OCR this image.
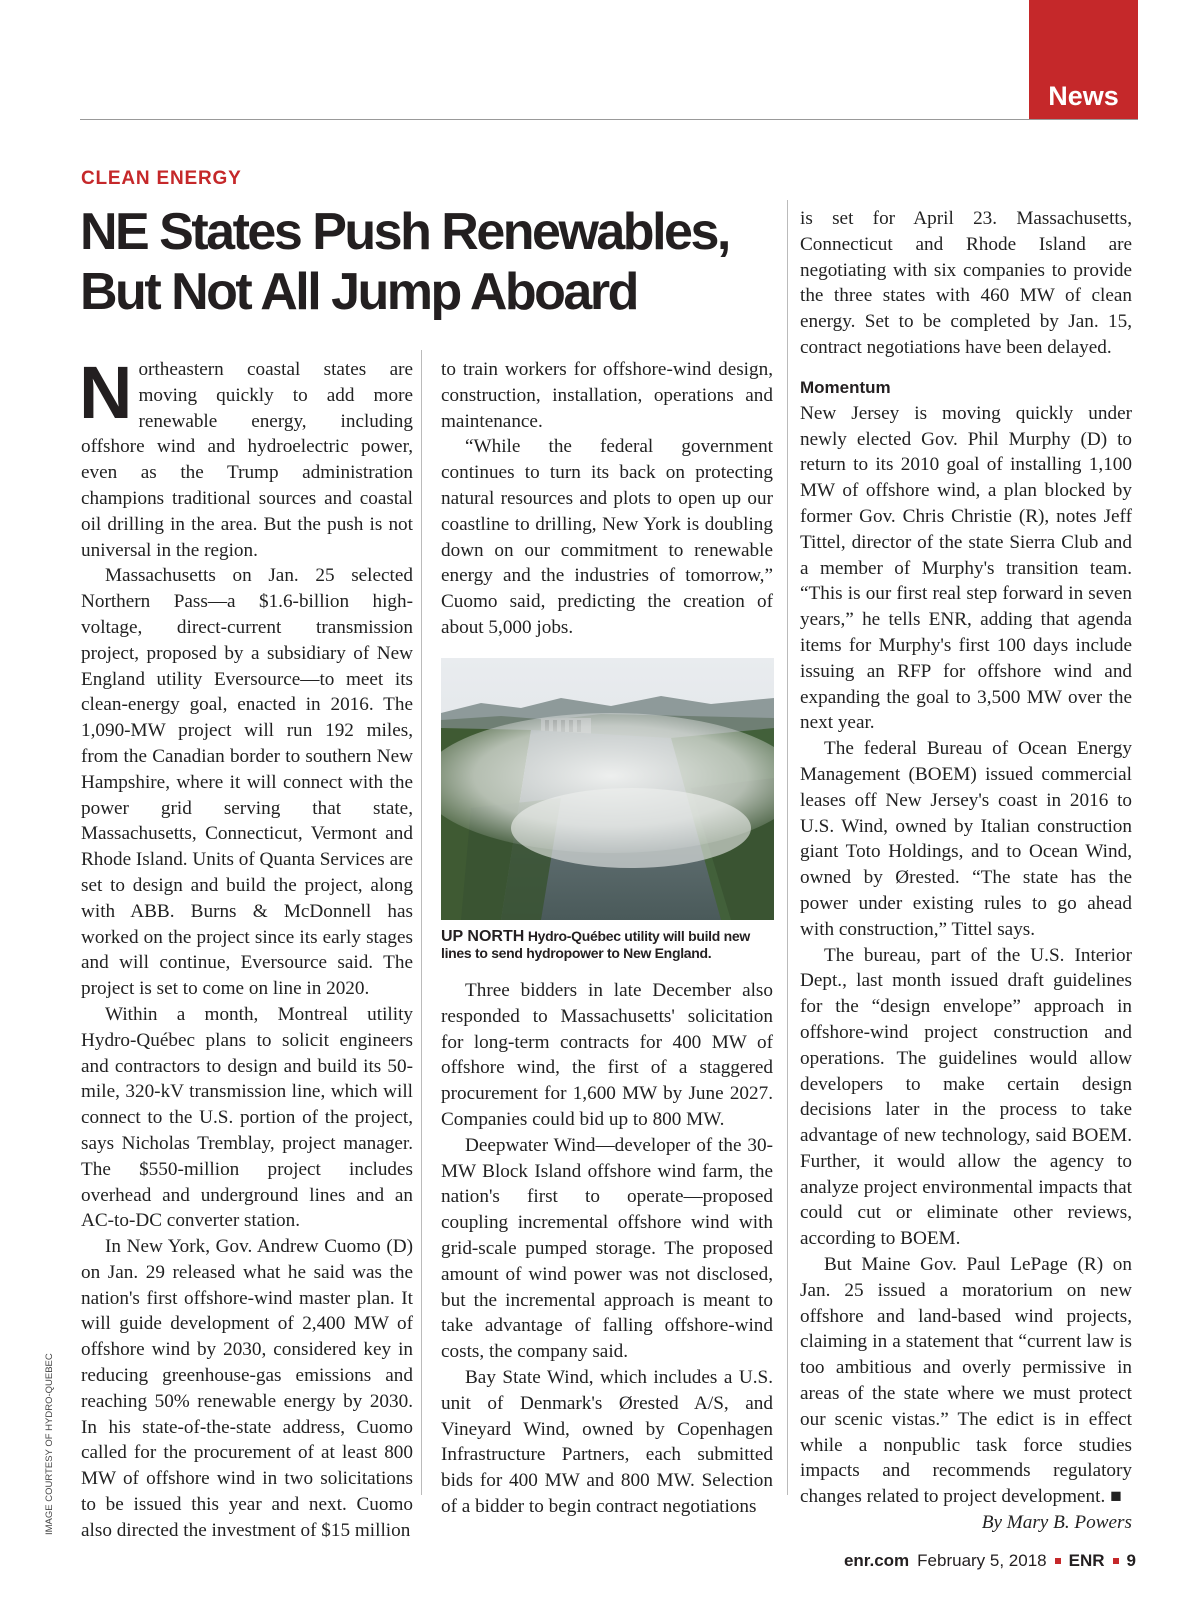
News
CLEAN ENERGY
NE States Push Renewables,
But Not All Jump Aboard

Northeastern coastal states are moving quickly to add more renewable energy, including offshore wind and hydroelectric power, even as the Trump administration champions traditional sources and coastal oil drilling in the area. But the push is not universal in the region.

Massachusetts on Jan. 25 selected Northern Pass—a $1.6-billion high-voltage, direct-current transmission project, proposed by a subsidiary of New England utility Eversource—to meet its clean-energy goal, enacted in 2016. The 1,090-MW project will run 192 miles, from the Canadian border to southern New Hampshire, where it will connect with the power grid serving that state, Massachusetts, Connecticut, Vermont and Rhode Island. Units of Quanta Services are set to design and build the project, along with ABB. Burns & McDonnell has worked on the project since its early stages and will continue, Eversource said. The project is set to come on line in 2020.

Within a month, Montreal utility Hydro-Québec plans to solicit engineers and contractors to design and build its 50-mile, 320-kV transmission line, which will connect to the U.S. portion of the project, says Nicholas Tremblay, project manager. The $550-million project includes overhead and underground lines and an AC-to-DC converter station.

In New York, Gov. Andrew Cuomo (D) on Jan. 29 released what he said was the nation's first offshore-wind master plan. It will guide development of 2,400 MW of offshore wind by 2030, considered key in reducing greenhouse-gas emissions and reaching 50% renewable energy by 2030. In his state-of-the-state address, Cuomo called for the procurement of at least 800 MW of offshore wind in two solicitations to be issued this year and next. Cuomo also directed the investment of $15 million

to train workers for offshore-wind design, construction, installation, operations and maintenance.

“While the federal government continues to turn its back on protecting natural resources and plots to open up our coastline to drilling, New York is doubling down on our commitment to renewable energy and the industries of tomorrow,” Cuomo said, predicting the creation of about 5,000 jobs.

UP NORTH Hydro-Québec utility will build new lines to send hydropower to New England.

Three bidders in late December also responded to Massachusetts' solicitation for long-term contracts for 400 MW of offshore wind, the first of a staggered procurement for 1,600 MW by June 2027. Companies could bid up to 800 MW.

Deepwater Wind—developer of the 30-MW Block Island offshore wind farm, the nation's first to operate—proposed coupling incremental offshore wind with grid-scale pumped storage. The proposed amount of wind power was not disclosed, but the incremental approach is meant to take advantage of falling offshore-wind costs, the company said.

Bay State Wind, which includes a U.S. unit of Denmark's Ørested A/S, and Vineyard Wind, owned by Copenhagen Infrastructure Partners, each submitted bids for 400 MW and 800 MW. Selection of a bidder to begin contract negotiations

is set for April 23. Massachusetts, Connecticut and Rhode Island are negotiating with six companies to provide the three states with 460 MW of clean energy. Set to be completed by Jan. 15, contract negotiations have been delayed.

Momentum

New Jersey is moving quickly under newly elected Gov. Phil Murphy (D) to return to its 2010 goal of installing 1,100 MW of offshore wind, a plan blocked by former Gov. Chris Christie (R), notes Jeff Tittel, director of the state Sierra Club and a member of Murphy's transition team. “This is our first real step forward in seven years,” he tells ENR, adding that agenda items for Murphy's first 100 days include issuing an RFP for offshore wind and expanding the goal to 3,500 MW over the next year.

The federal Bureau of Ocean Energy Management (BOEM) issued commercial leases off New Jersey's coast in 2016 to U.S. Wind, owned by Italian construction giant Toto Holdings, and to Ocean Wind, owned by Ørested. “The state has the power under existing rules to go ahead with construction,” Tittel says.

The bureau, part of the U.S. Interior Dept., last month issued draft guidelines for the “design envelope” approach in offshore-wind project construction and operations. The guidelines would allow developers to make certain design decisions later in the process to take advantage of new technology, said BOEM. Further, it would allow the agency to analyze project environmental impacts that could cut or eliminate other reviews, according to BOEM.

But Maine Gov. Paul LePage (R) on Jan. 25 issued a moratorium on new offshore and land-based wind projects, claiming in a statement that “current law is too ambitious and overly permissive in areas of the state where we must protect our scenic vistas.” The edict is in effect while a nonpublic task force studies impacts and recommends regulatory changes related to project development. ■

By Mary B. Powers

IMAGE COURTESY OF HYDRO-QUEBEC
enr.com February 5, 2018 ENR 9
